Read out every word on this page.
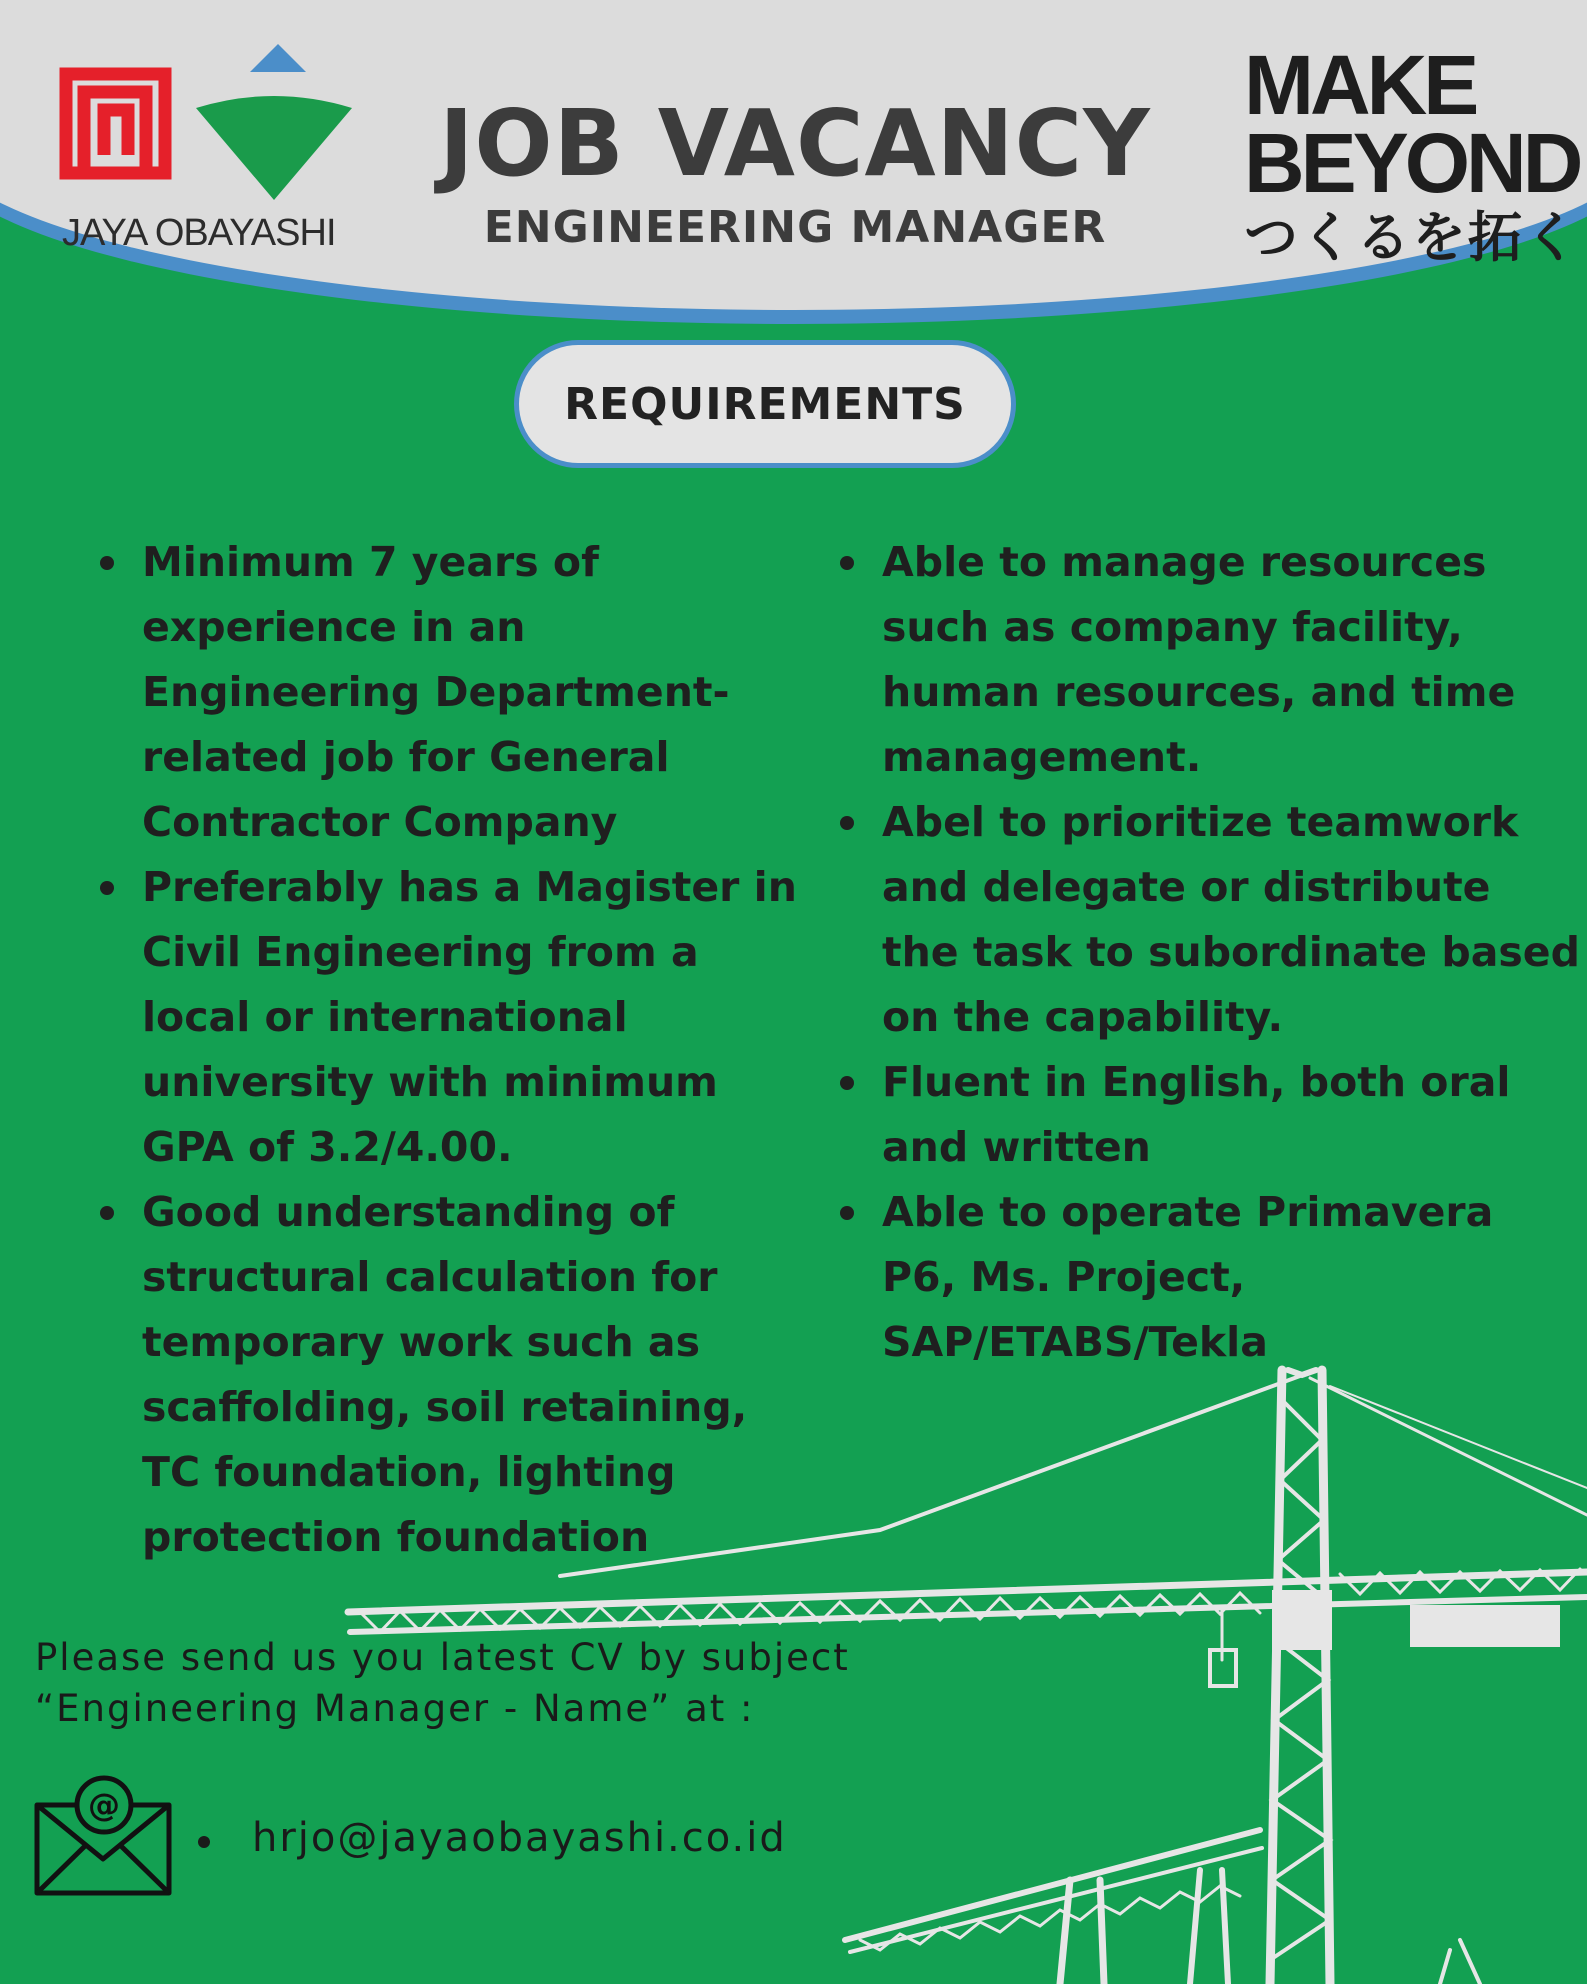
JAYA OBAYASHI
JOB VACANCY
ENGINEERING MANAGER
MAKE
BEYOND
つくるを拓く
REQUIREMENTS
Minimum 7 years of experience in an Engineering Department-related job for General Contractor Company
Preferably has a Magister in Civil Engineering from a local or international university with minimum GPA of 3.2/4.00.
Good understanding of structural calculation for temporary work such as scaffolding, soil retaining, TC foundation, lighting protection foundation
Able to manage resources such as company facility, human resources, and time management.
Abel to prioritize teamwork and delegate or distribute the task to subordinate based on the capability.
Fluent in English, both oral and written
Able to operate Primavera P6, Ms. Project, SAP/ETABS/Tekla
Please send us you latest CV by subject
“Engineering Manager - Name” at :
@
hrjo@jayaobayashi.co.id
